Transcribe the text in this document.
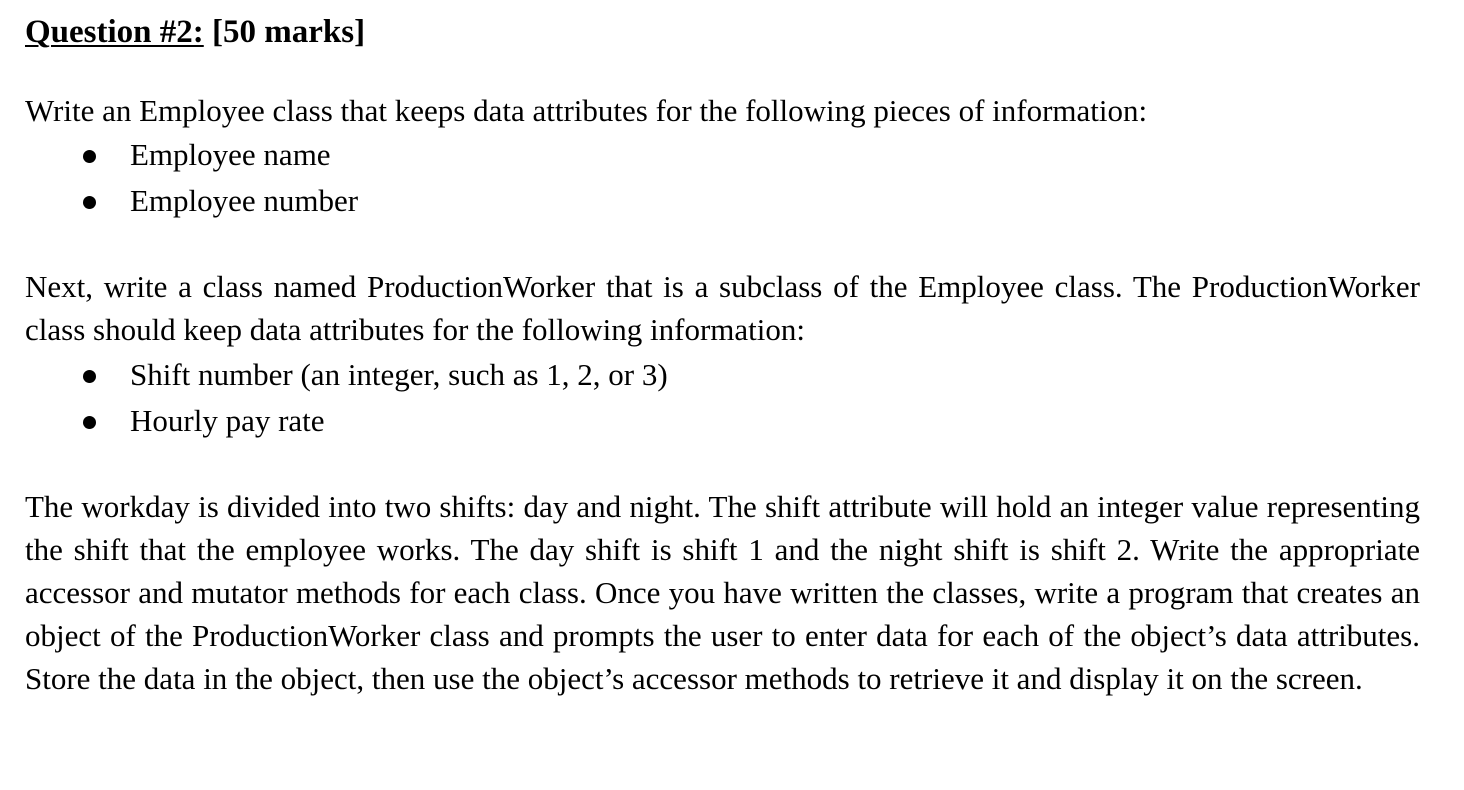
Question #2: [50 marks]

Write an Employee class that keeps data attributes for the following pieces of information:

Employee name
Employee number

Next, write a class named ProductionWorker that is a subclass of the Employee class. The ProductionWorker class should keep data attributes for the following information:

Shift number (an integer, such as 1, 2, or 3)
Hourly pay rate

The workday is divided into two shifts: day and night. The shift attribute will hold an integer value representing the shift that the employee works. The day shift is shift 1 and the night shift is shift 2. Write the appropriate accessor and mutator methods for each class. Once you have written the classes, write a program that creates an object of the ProductionWorker class and prompts the user to enter data for each of the object’s data attributes. Store the data in the object, then use the object’s accessor methods to retrieve it and display it on the screen.
